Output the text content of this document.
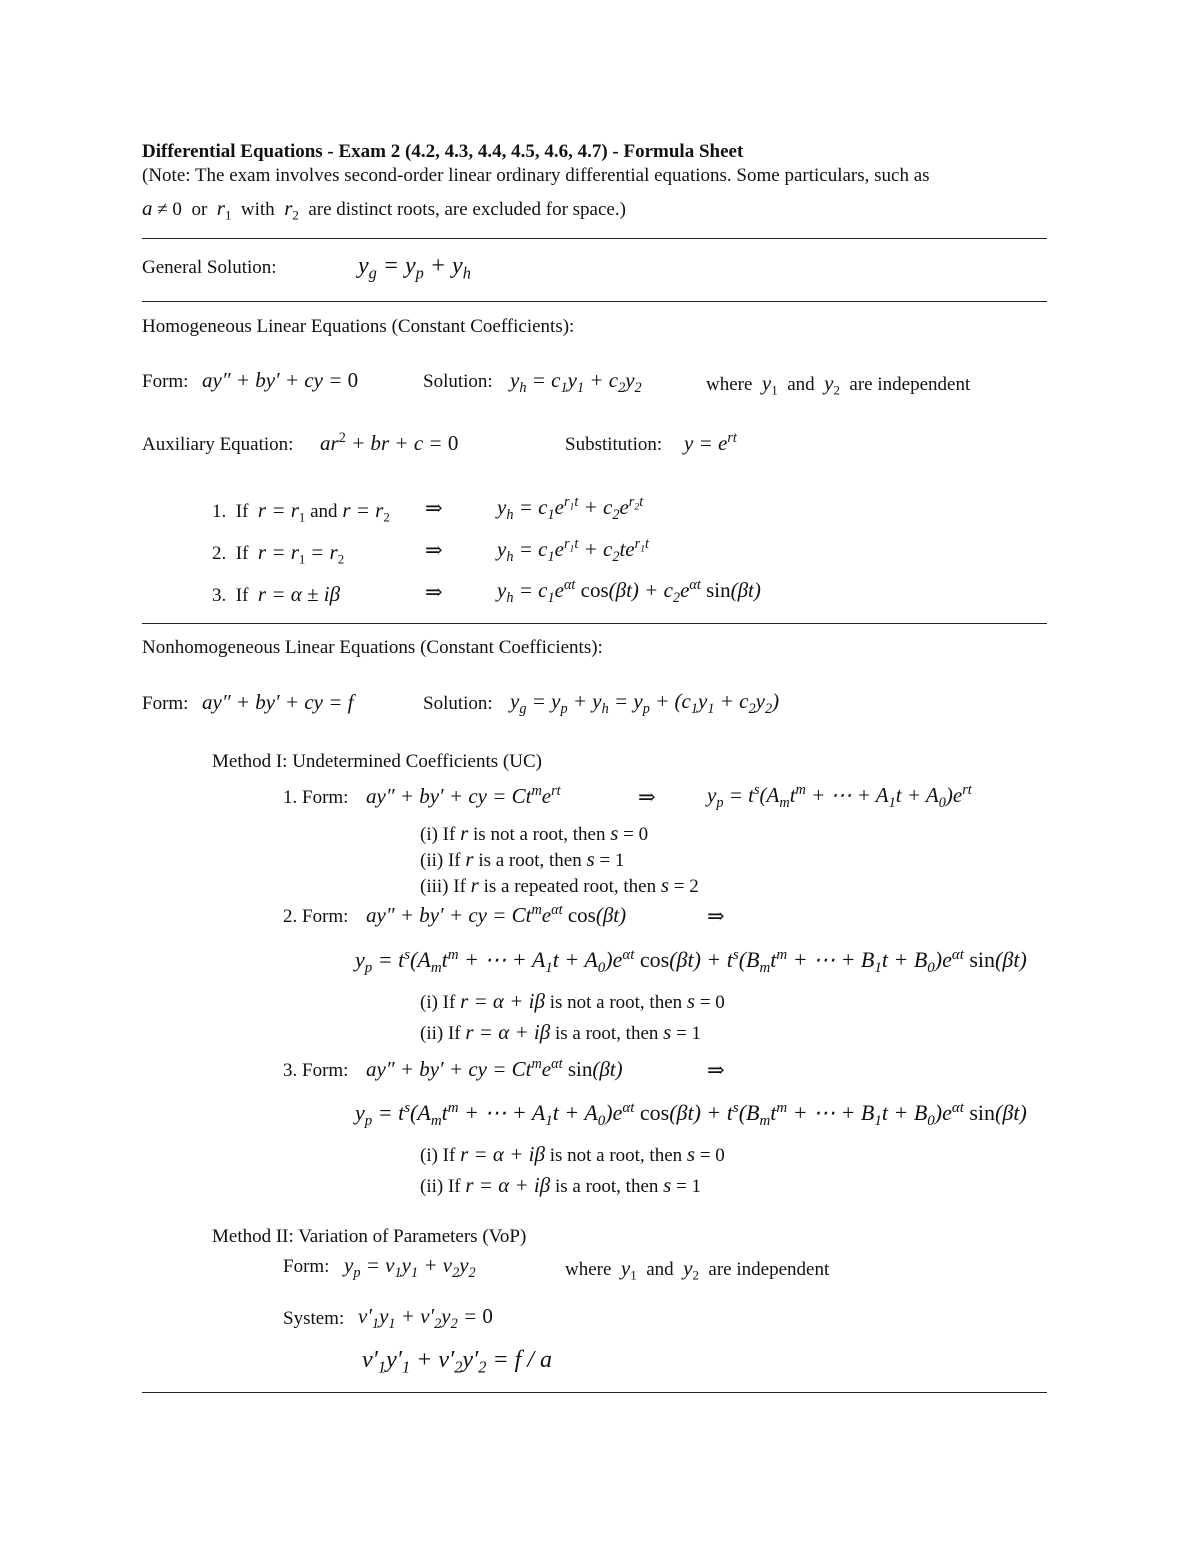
Differential Equations - Exam 2 (4.2, 4.3, 4.4, 4.5, 4.6, 4.7) - Formula Sheet
(Note: The exam involves second-order linear ordinary differential equations. Some particulars, such as
a ≠ 0  or $r_1$ with $r_2$ are distinct roots, are excluded for space.)
General Solution:	$y_g = y_p + y_h$
Homogeneous Linear Equations (Constant Coefficients):
Form: ay″ + by′ + cy = 0	Solution: $y_h = c_1y_1 + c_2y_2$	where $y_1$ and $y_2$ are independent
Auxiliary Equation: $ar^2$ + br + c = 0	Substitution: $y = e^{rt}$
1. If $r = r_1$ and $r = r_2$ ⇒	$y_h = c_1e^{r_1t} + c_2e^{r_2t}$
2. If $r = r_1 = r_2$	⇒	$y_h = c_1e^{r_1t} + c_2te^{r_1t}$
3. If r = α ± iβ	⇒	$y_h = c_1e^{\alpha t}$ $\cos(\beta t) + c_2e^{\alpha t}$ sin(βt)
Nonhomogeneous Linear Equations (Constant Coefficients):
Form: ay″ + by′ + cy = f	Solution: $y_g = y_p + y_h = y_p + (c_1y_1 + c_2y_2)$
Method I: Undetermined Coefficients (UC)
1. Form: ay″ + by′ + cy = $Ct^me^{rt}$	⇒ $y_p = t^s(A_mt^m$ + ⋯ + $A_1t + A_0)e^{rt}$
(i) If r is not a root, then s = 0
(ii) If r is a root, then s = 1
(iii) If r is a repeated root, then s = 2
2. Form: ay″ + by′ + cy = $Ct^me^{\alpha t}$ cos(βt)	⇒
$y_p = t^s(A_mt^m$ + ⋯ + $A_1t + A_0)e^{\alpha t}$ $\cos(\beta t) + t^s(B_mt^m$ + ⋯ + $B_1t + B_0)e^{\alpha t}$ sin(βt)
(i) If r = α + iβ is not a root, then s = 0
(ii) If r = α + iβ is a root, then s = 1
3. Form: ay″ + by′ + cy = $Ct^me^{\alpha t}$ sin(βt)	⇒
$y_p = t^s(A_mt^m$ + ⋯ + $A_1t + A_0)e^{\alpha t}$ $\cos(\beta t) + t^s(B_mt^m$ + ⋯ + $B_1t + B_0)e^{\alpha t}$ sin(βt)
(i) If r = α + iβ is not a root, then s = 0
(ii) If r = α + iβ is a root, then s = 1
Method II: Variation of Parameters (VoP)
Form: $y_p = v_1y_1 + v_2y_2$	where $y_1$ and $y_2$ are independent
System: $v'_1y_1 + v'_2y_2 = 0$
$v'_1y'_1 + v'_2y'_2 = f / a$
